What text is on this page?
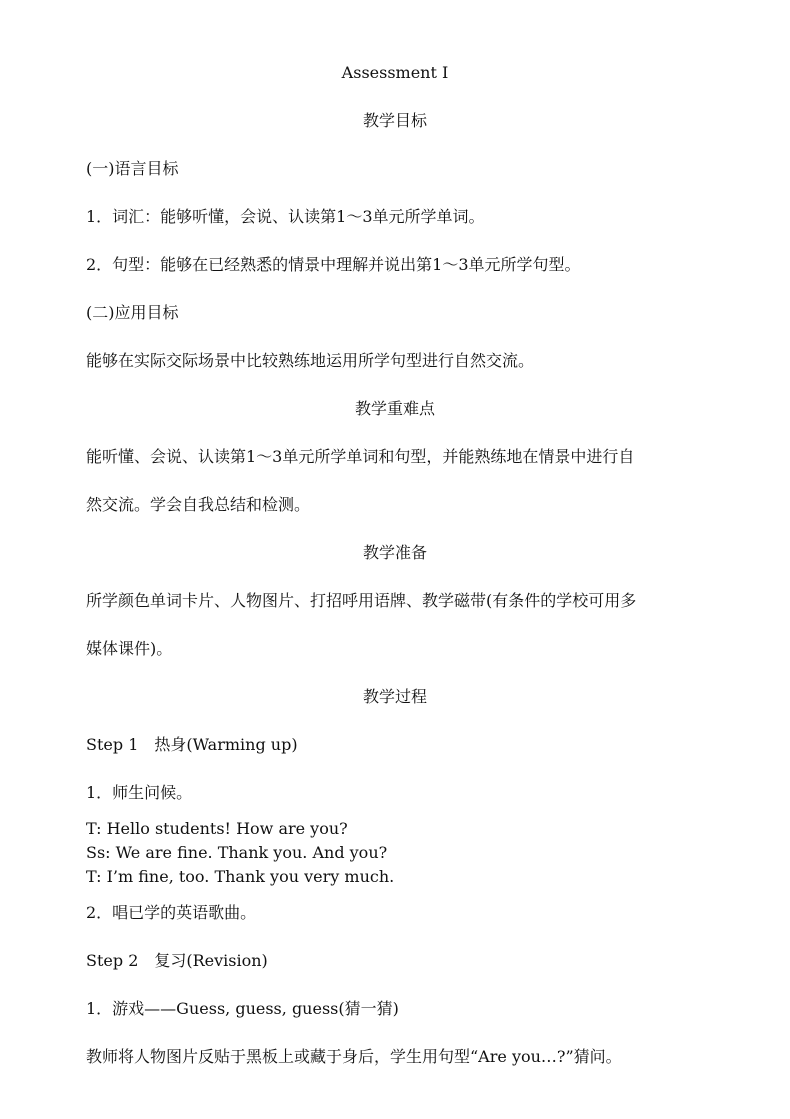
Assessment Ⅰ
教学目标
(一)语言目标
1．词汇：能够听懂，会说、认读第1～3单元所学单词。
2．句型：能够在已经熟悉的情景中理解并说出第1～3单元所学句型。
(二)应用目标
能够在实际交际场景中比较熟练地运用所学句型进行自然交流。
教学重难点
能听懂、会说、认读第1～3单元所学单词和句型，并能熟练地在情景中进行自
然交流。学会自我总结和检测。
教学准备
所学颜色单词卡片、人物图片、打招呼用语牌、教学磁带(有条件的学校可用多
媒体课件)。
教学过程
Step 1　热身(Warming up)
1．师生问候。
T: Hello students! How are you?
Ss: We are fine. Thank you. And you?
T: I’m fine, too. Thank you very much.
2．唱已学的英语歌曲。
Step 2　复习(Revision)
1．游戏——Guess, guess, guess(猜一猜)
教师将人物图片反贴于黑板上或藏于身后，学生用句型“Are you…?”猜问。
